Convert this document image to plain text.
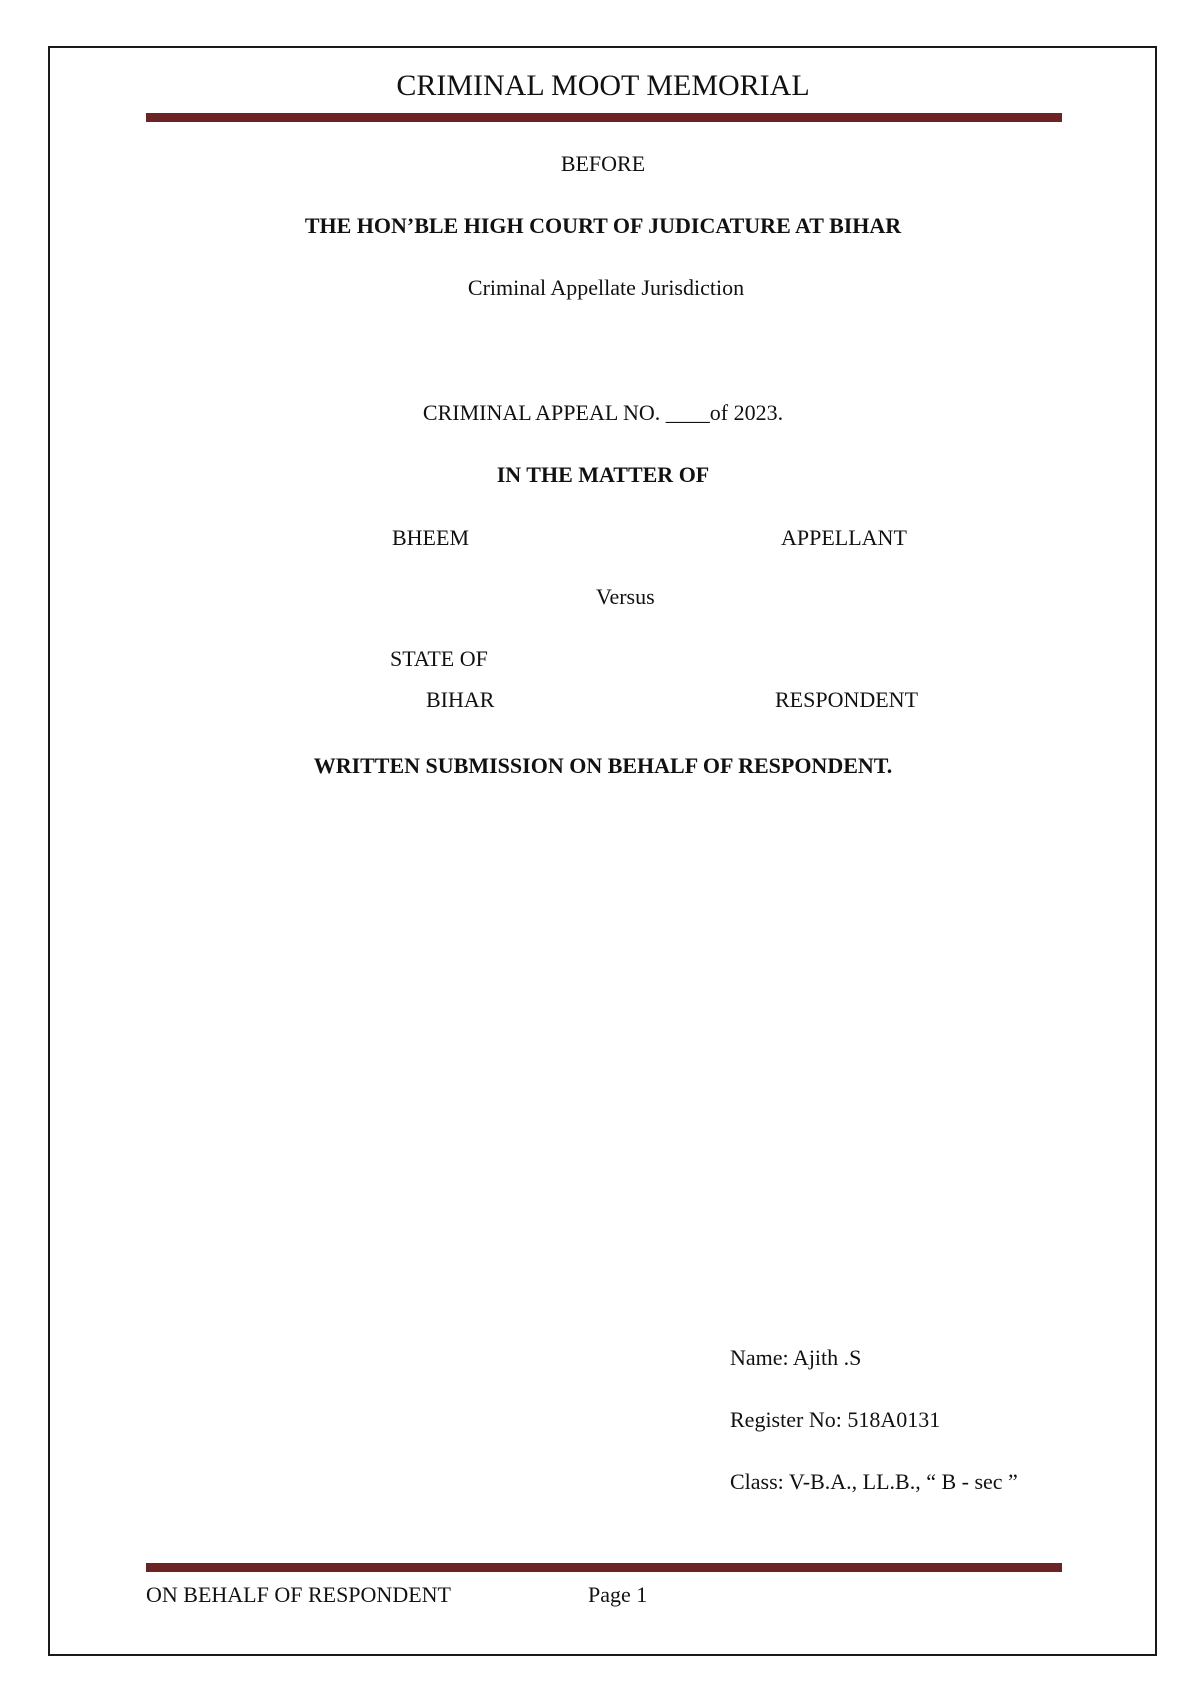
CRIMINAL MOOT MEMORIAL
BEFORE
THE HON’BLE HIGH COURT OF JUDICATURE AT BIHAR
Criminal Appellate Jurisdiction
CRIMINAL APPEAL NO. ____of 2023.
IN THE MATTER OF
BHEEM	APPELLANT
Versus
STATE OF
BIHAR	RESPONDENT
WRITTEN SUBMISSION ON BEHALF OF RESPONDENT.
Name: Ajith .S
Register No: 518A0131
Class: V-B.A., LL.B., “ B - sec ”
ON BEHALF OF RESPONDENT	Page 1
